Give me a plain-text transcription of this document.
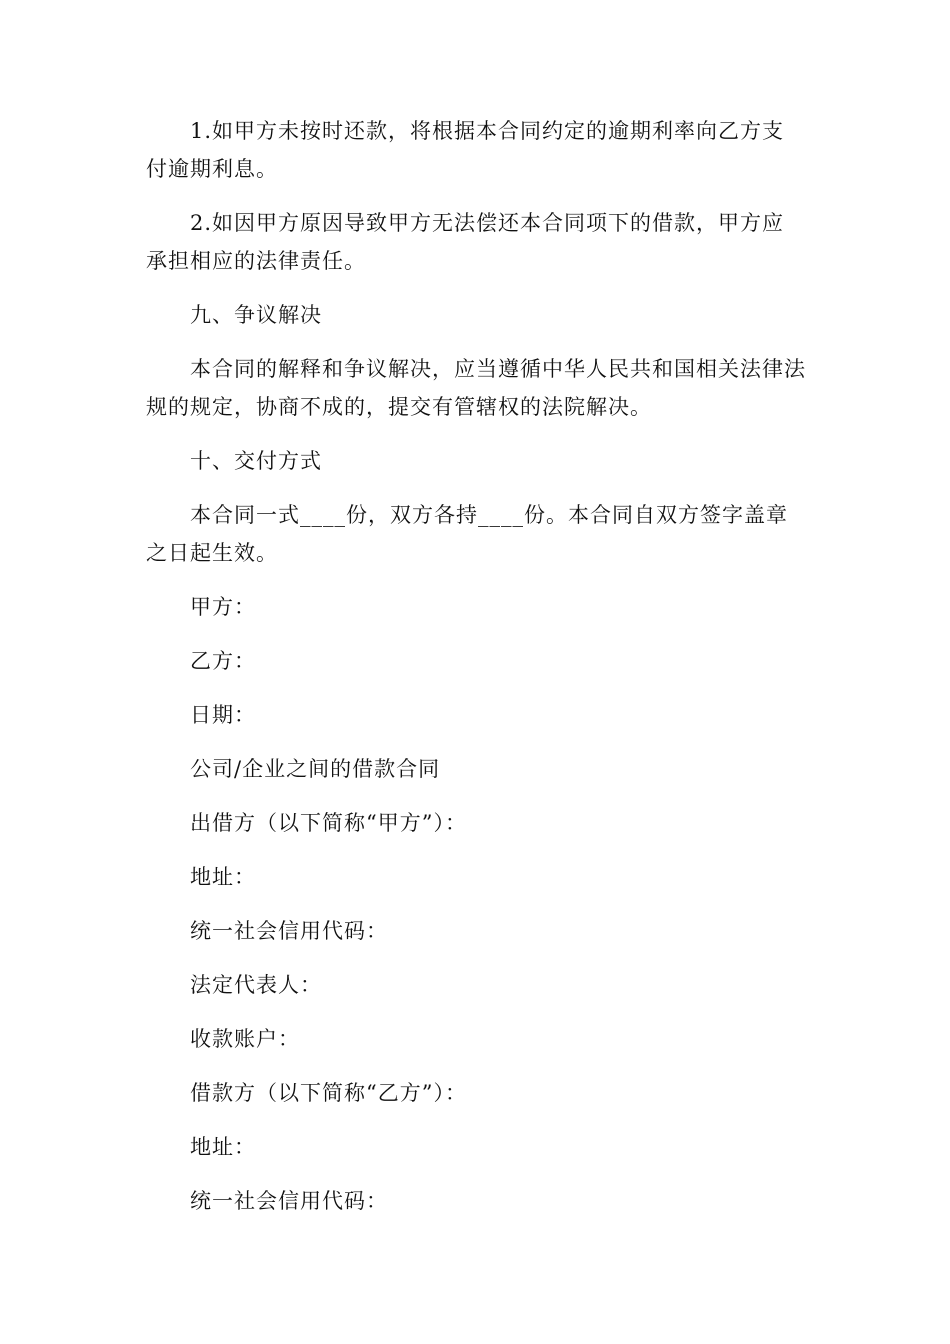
1.如甲方未按时还款，将根据本合同约定的逾期利率向乙方支付逾期利息。

2.如因甲方原因导致甲方无法偿还本合同项下的借款，甲方应承担相应的法律责任。

九、争议解决

本合同的解释和争议解决，应当遵循中华人民共和国相关法律法规的规定，协商不成的，提交有管辖权的法院解决。

十、交付方式

本合同一式____份，双方各持____份。本合同自双方签字盖章之日起生效。

甲方：

乙方：

日期：

公司/企业之间的借款合同

出借方（以下简称“甲方”）：

地址：

统一社会信用代码：

法定代表人：

收款账户：

借款方（以下简称“乙方”）：

地址：

统一社会信用代码：
